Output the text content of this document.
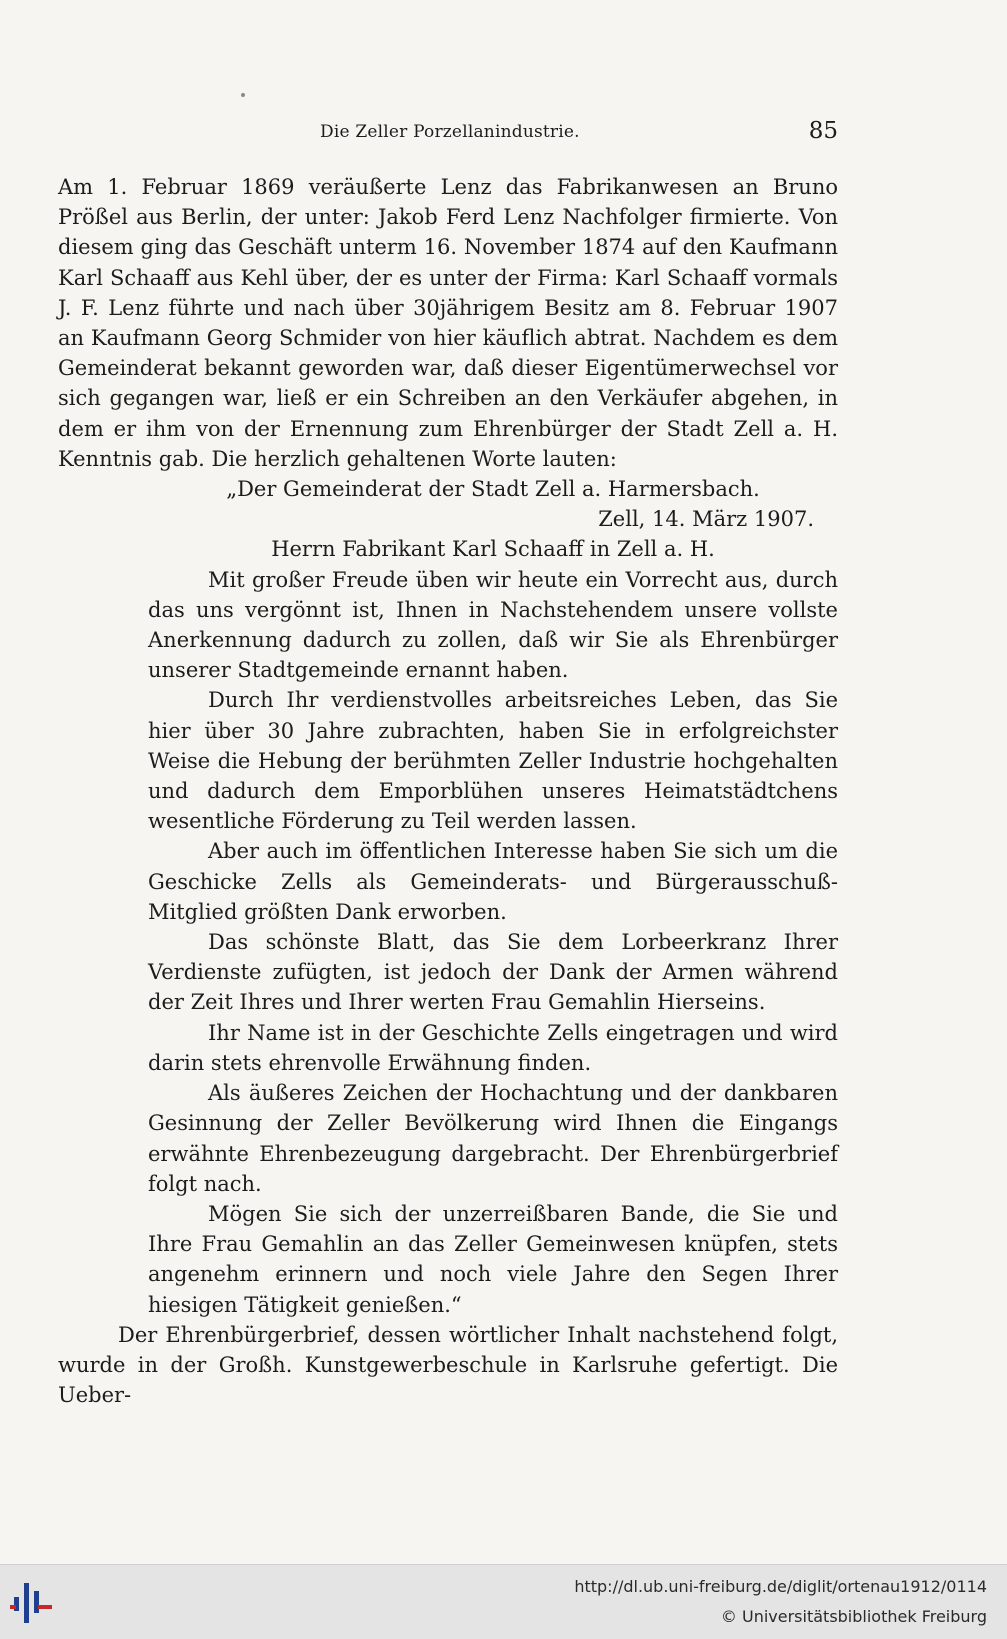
Die Zeller Porzellanindustrie.	85

Am 1. Februar 1869 veräußerte Lenz das Fabrikanwesen an Bruno Prößel aus Berlin, der unter: Jakob Ferd Lenz Nachfolger firmierte. Von diesem ging das Geschäft unterm 16. November 1874 auf den Kaufmann Karl Schaaff aus Kehl über, der es unter der Firma: Karl Schaaff vormals J. F. Lenz führte und nach über 30jährigem Besitz am 8. Februar 1907 an Kaufmann Georg Schmider von hier käuflich abtrat. Nachdem es dem Gemeinderat bekannt geworden war, daß dieser Eigentümerwechsel vor sich gegangen war, ließ er ein Schreiben an den Verkäufer abgehen, in dem er ihm von der Ernennung zum Ehrenbürger der Stadt Zell a. H. Kenntnis gab. Die herzlich gehaltenen Worte lauten:

„Der Gemeinderat der Stadt Zell a. Harmersbach.

Zell, 14. März 1907.

Herrn Fabrikant Karl Schaaff in Zell a. H.

Mit großer Freude üben wir heute ein Vorrecht aus, durch das uns vergönnt ist, Ihnen in Nachstehendem unsere vollste Anerkennung dadurch zu zollen, daß wir Sie als Ehrenbürger unserer Stadtgemeinde ernannt haben.

Durch Ihr verdienstvolles arbeitsreiches Leben, das Sie hier über 30 Jahre zubrachten, haben Sie in erfolgreichster Weise die Hebung der berühmten Zeller Industrie hochgehalten und dadurch dem Emporblühen unseres Heimatstädtchens wesentliche Förderung zu Teil werden lassen.

Aber auch im öffentlichen Interesse haben Sie sich um die Geschicke Zells als Gemeinderats- und Bürgerausschuß-Mitglied größten Dank erworben.

Das schönste Blatt, das Sie dem Lorbeerkranz Ihrer Verdienste zufügten, ist jedoch der Dank der Armen während der Zeit Ihres und Ihrer werten Frau Gemahlin Hierseins.

Ihr Name ist in der Geschichte Zells eingetragen und wird darin stets ehrenvolle Erwähnung finden.

Als äußeres Zeichen der Hochachtung und der dankbaren Gesinnung der Zeller Bevölkerung wird Ihnen die Eingangs erwähnte Ehrenbezeugung dargebracht. Der Ehrenbürgerbrief folgt nach.

Mögen Sie sich der unzerreißbaren Bande, die Sie und Ihre Frau Gemahlin an das Zeller Gemeinwesen knüpfen, stets angenehm erinnern und noch viele Jahre den Segen Ihrer hiesigen Tätigkeit genießen.“

Der Ehrenbürgerbrief, dessen wörtlicher Inhalt nachstehend folgt, wurde in der Großh. Kunstgewerbeschule in Karlsruhe gefertigt. Die Ueber-

http://dl.ub.uni-freiburg.de/diglit/ortenau1912/0114
© Universitätsbibliothek Freiburg
